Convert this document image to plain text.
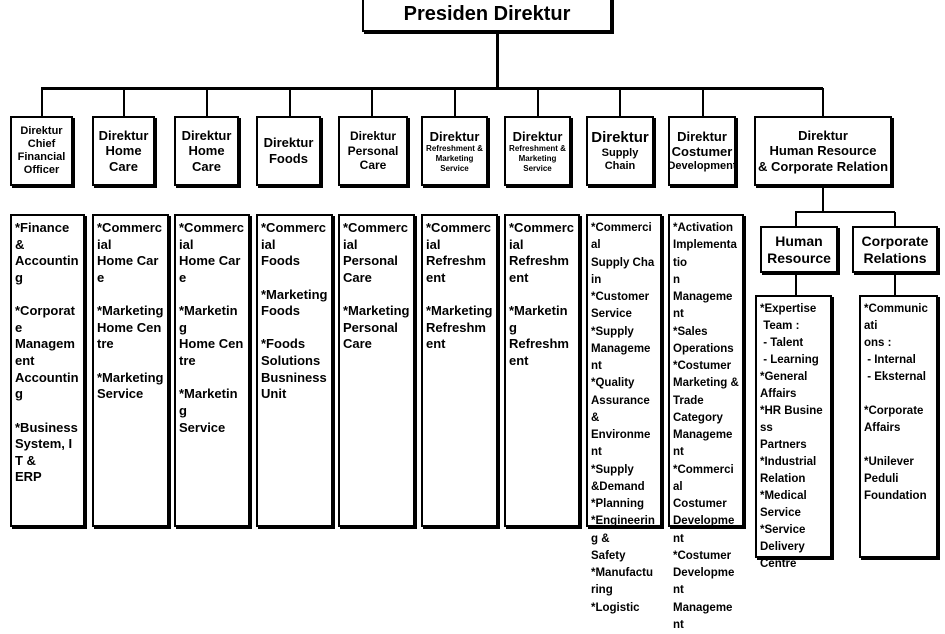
Presiden Direktur
Direktur
Chief Financial
Officer
Direktur
Home Care
Direktur
Home Care
Direktur
Foods
Direktur
Personal Care
Direktur
Refreshment &
Marketing Service
Direktur
Refreshment &
Marketing Service
Direktur
Supply Chain
Direktur
Costumer
Development
Direktur
Human Resource
& Corporate Relation
*Finance &
Accounting

*Corporate
Management
Accounting

*Business
System, IT &
ERP
*Commercial
Home Care

*Marketing
Home Centre

*Marketing
Service
*Commercial
Home Care

*Marketing
Home Centre

*Marketing
Service
*Commercial
Foods

*Marketing
Foods

*Foods
Solutions
Busniness
Unit
*Commercial
Personal
Care

*Marketing
Personal
Care
*Commercial
Refreshment

*Marketing
Refreshment
*Commercial
Refreshment

*Marketing
Refreshment
*Commercial
Supply Chain
*Customer
Service
*Supply
Management
*Quality
Assurance &
Environment
*Supply
&Demand
*Planning
*Engineering &
Safety
*Manufacturing
*Logistic
*Activation
Implementatio
n
Management
*Sales
Operations
*Costumer
Marketing &
Trade
Category
Management
*Commercial
Costumer
Development
*Costumer
Development
Management
Human
Resource
Corporate
Relations
*Expertise
Team :
- Talent
- Learning
*General
Affairs
*HR Business
Partners
*Industrial
Relation
*Medical
Service
*Service
Delivery
Centre
*Communicati
ons :
- Internal
- Eksternal

*Corporate
Affairs

*Unilever
Peduli
Foundation
